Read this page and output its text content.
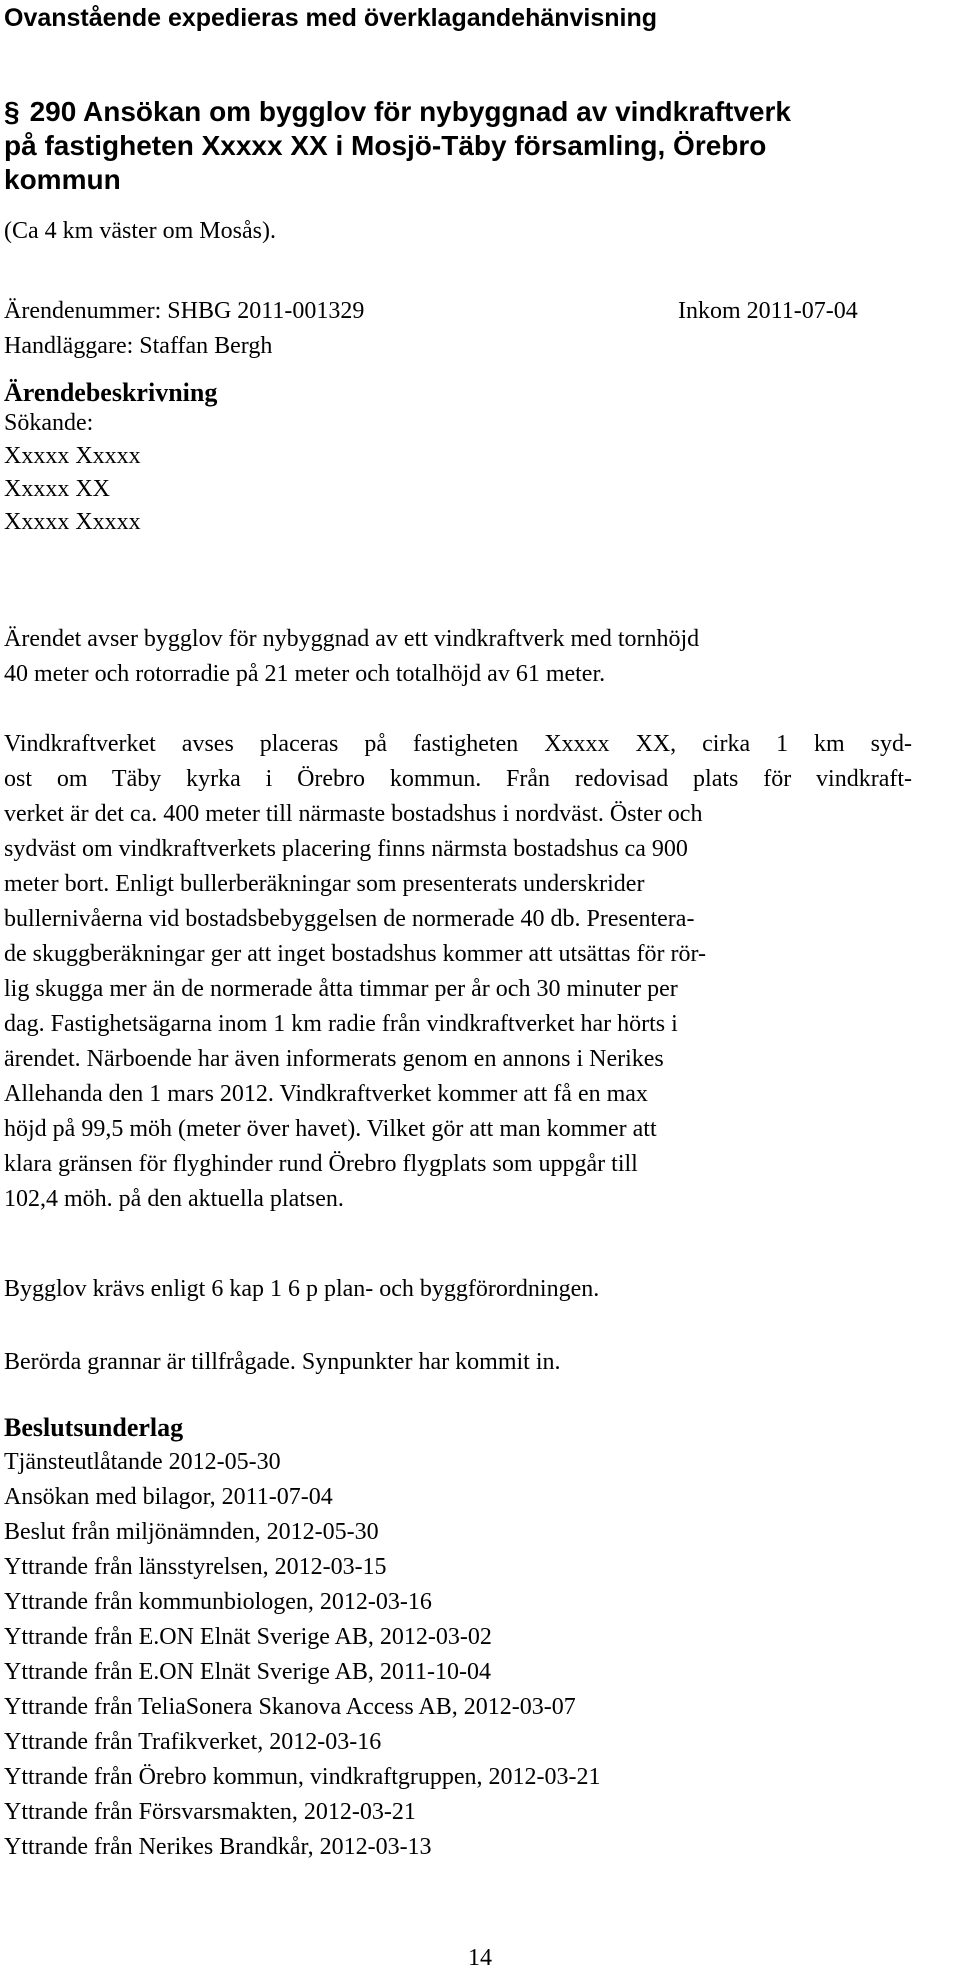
Ovanstående expedieras med överklagandehänvisning
§ 290 Ansökan om bygglov för nybyggnad av vindkraftverk
på fastigheten Xxxxx XX i Mosjö-Täby församling, Örebro
kommun
(Ca 4 km väster om Mosås).
Ärendenummer: SHBG 2011-001329	Inkom 2011-07-04
Handläggare: Staffan Bergh
Ärendebeskrivning
Sökande:
Xxxxx Xxxxx
Xxxxx XX
Xxxxx Xxxxx
Ärendet avser bygglov för nybyggnad av ett vindkraftverk med tornhöjd
40 meter och rotorradie på 21 meter och totalhöjd av 61 meter.
Vindkraftverket avses placeras på fastigheten Xxxxx XX, cirka 1 km syd-
ost om Täby kyrka i Örebro kommun. Från redovisad plats för vindkraft-
verket är det ca. 400 meter till närmaste bostadshus i nordväst. Öster och
sydväst om vindkraftverkets placering finns närmsta bostadshus ca 900
meter bort. Enligt bullerberäkningar som presenterats underskrider
bullernivåerna vid bostadsbebyggelsen de normerade 40 db. Presentera-
de skuggberäkningar ger att inget bostadshus kommer att utsättas för rör-
lig skugga mer än de normerade åtta timmar per år och 30 minuter per
dag. Fastighetsägarna inom 1 km radie från vindkraftverket har hörts i
ärendet. Närboende har även informerats genom en annons i Nerikes
Allehanda den 1 mars 2012. Vindkraftverket kommer att få en max
höjd på 99,5 möh (meter över havet). Vilket gör att man kommer att
klara gränsen för flyghinder rund Örebro flygplats som uppgår till
102,4 möh. på den aktuella platsen.
Bygglov krävs enligt 6 kap 1 6 p plan- och byggförordningen.
Berörda grannar är tillfrågade. Synpunkter har kommit in.
Beslutsunderlag
Tjänsteutlåtande 2012-05-30
Ansökan med bilagor, 2011-07-04
Beslut från miljönämnden, 2012-05-30
Yttrande från länsstyrelsen, 2012-03-15
Yttrande från kommunbiologen, 2012-03-16
Yttrande från E.ON Elnät Sverige AB, 2012-03-02
Yttrande från E.ON Elnät Sverige AB, 2011-10-04
Yttrande från TeliaSonera Skanova Access AB, 2012-03-07
Yttrande från Trafikverket, 2012-03-16
Yttrande från Örebro kommun, vindkraftgruppen, 2012-03-21
Yttrande från Försvarsmakten, 2012-03-21
Yttrande från Nerikes Brandkår, 2012-03-13
14
